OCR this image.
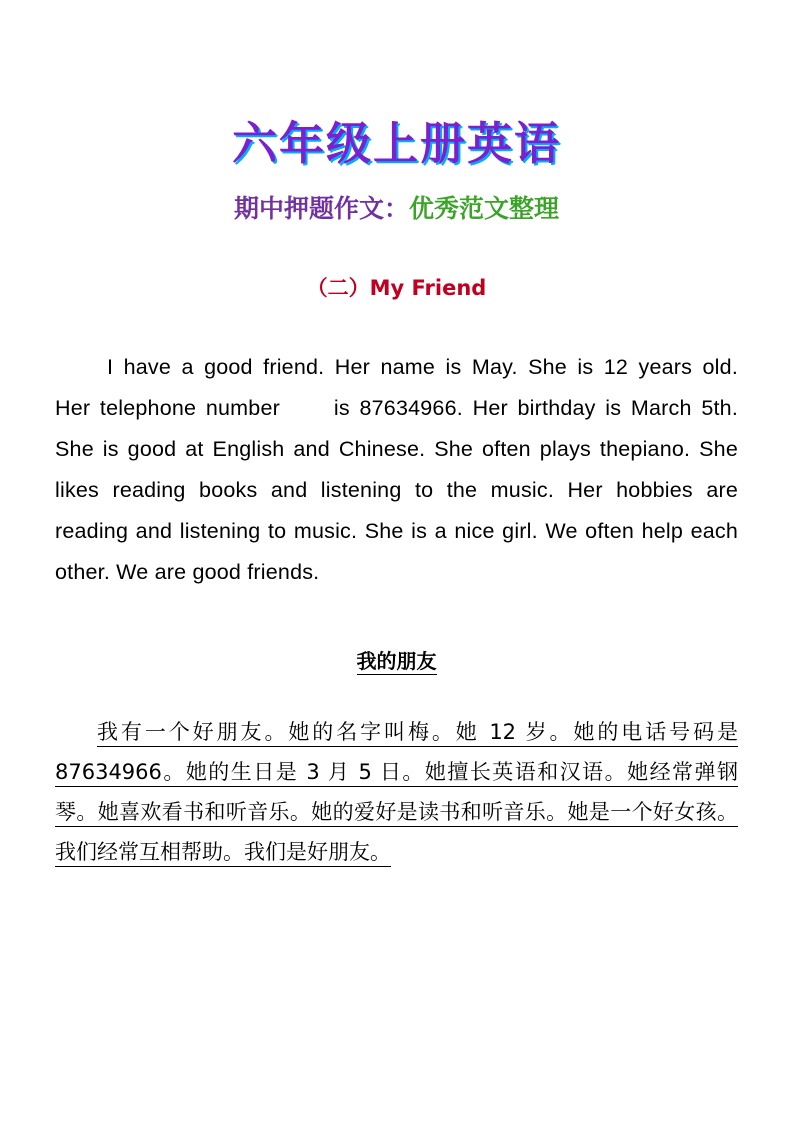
六年级上册英语
期中押题作文：优秀范文整理
（二）My Friend

I have a good friend. Her name is May. She is 12 years old.　　Her telephone number　　is 87634966. Her birthday is March 5th. She is good at English and Chinese. She often plays thepiano. She likes reading books and listening to the music. Her hobbies are reading and listening to music. She is a nice girl. We often help each other. We are good friends.

我的朋友

我有一个好朋友。她的名字叫梅。她 12 岁。她的电话号码是 87634966。她的生日是 3 月 5 日。她擅长英语和汉语。她经常弹钢琴。她喜欢看书和听音乐。她的爱好是读书和听音乐。她是一个好女孩。我们经常互相帮助。我们是好朋友。
